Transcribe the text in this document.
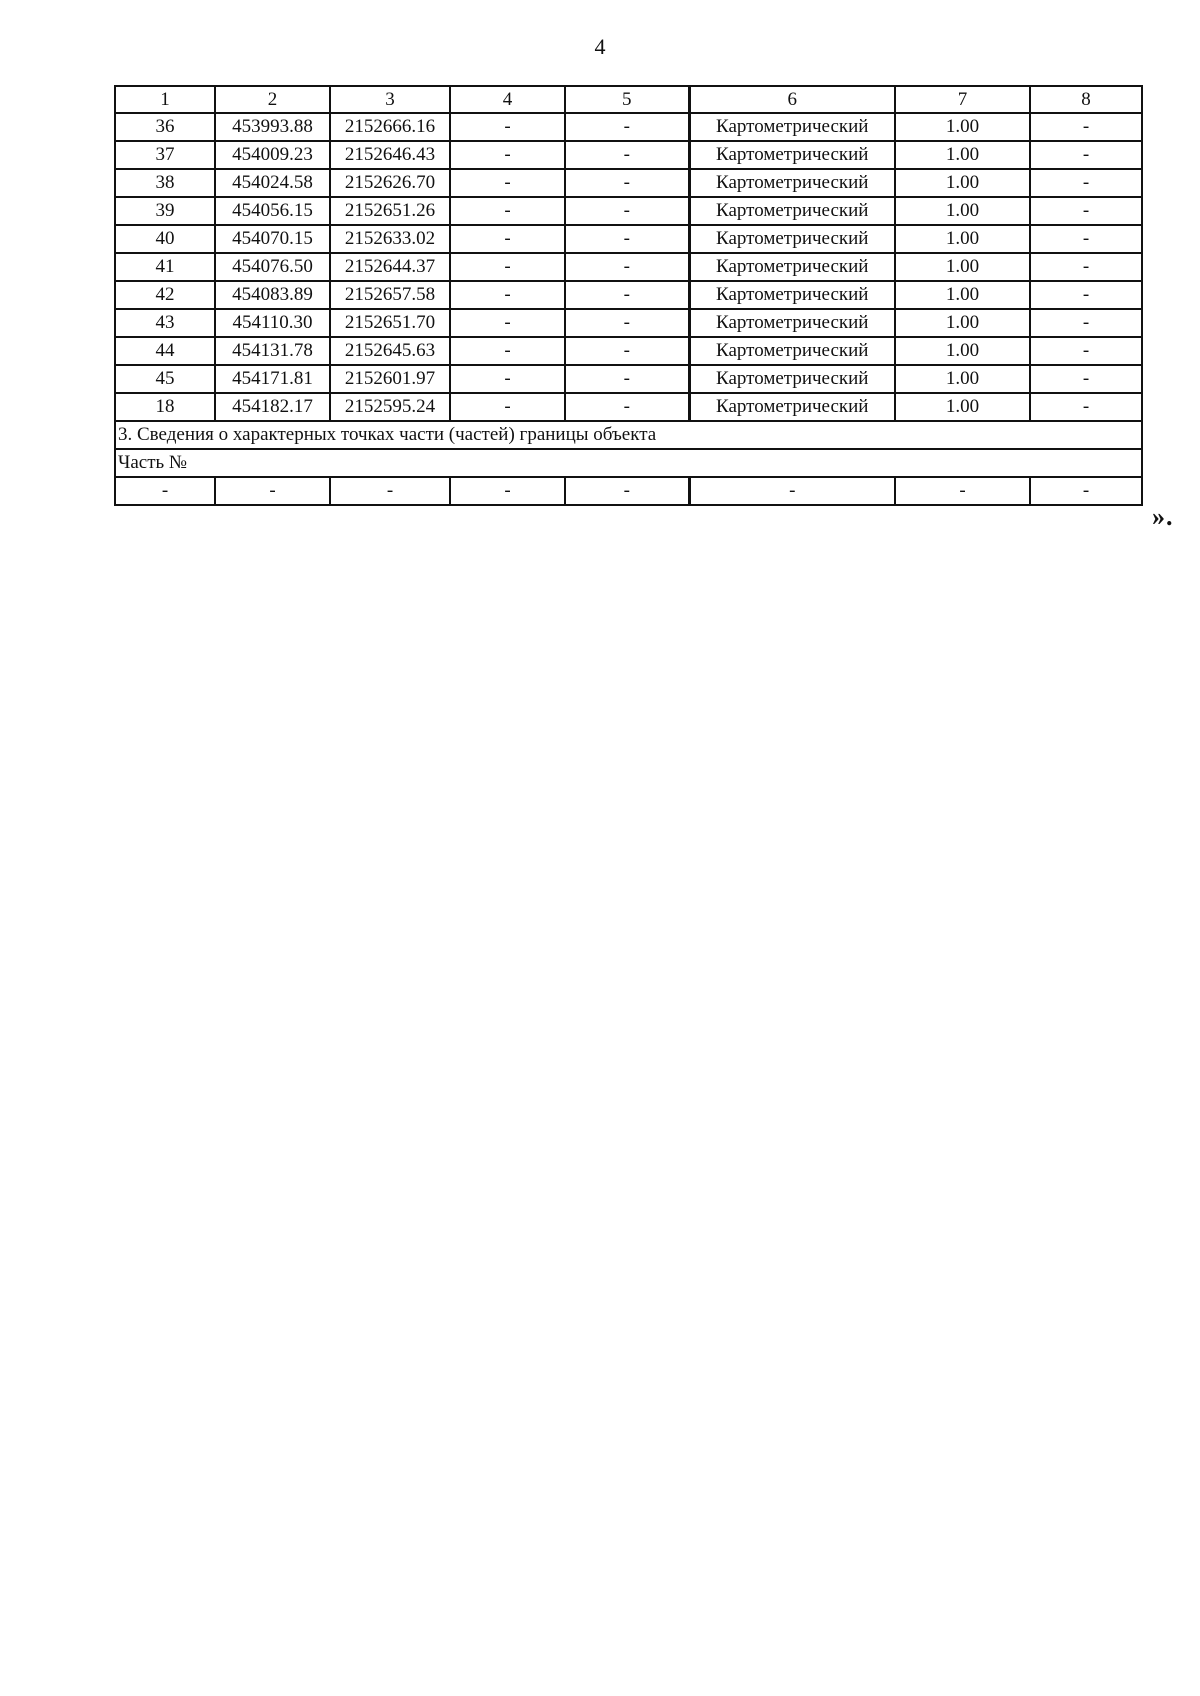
4
1	2	3	4	5	6	7	8
36	453993.88	2152666.16	-	-	Картометрический	1.00	-
37	454009.23	2152646.43	-	-	Картометрический	1.00	-
38	454024.58	2152626.70	-	-	Картометрический	1.00	-
39	454056.15	2152651.26	-	-	Картометрический	1.00	-
40	454070.15	2152633.02	-	-	Картометрический	1.00	-
41	454076.50	2152644.37	-	-	Картометрический	1.00	-
42	454083.89	2152657.58	-	-	Картометрический	1.00	-
43	454110.30	2152651.70	-	-	Картометрический	1.00	-
44	454131.78	2152645.63	-	-	Картометрический	1.00	-
45	454171.81	2152601.97	-	-	Картометрический	1.00	-
18	454182.17	2152595.24	-	-	Картометрический	1.00	-
3. Сведения о характерных точках части (частей) границы объекта							
Часть №							
-	-	-	-	-	-	-	-
».
